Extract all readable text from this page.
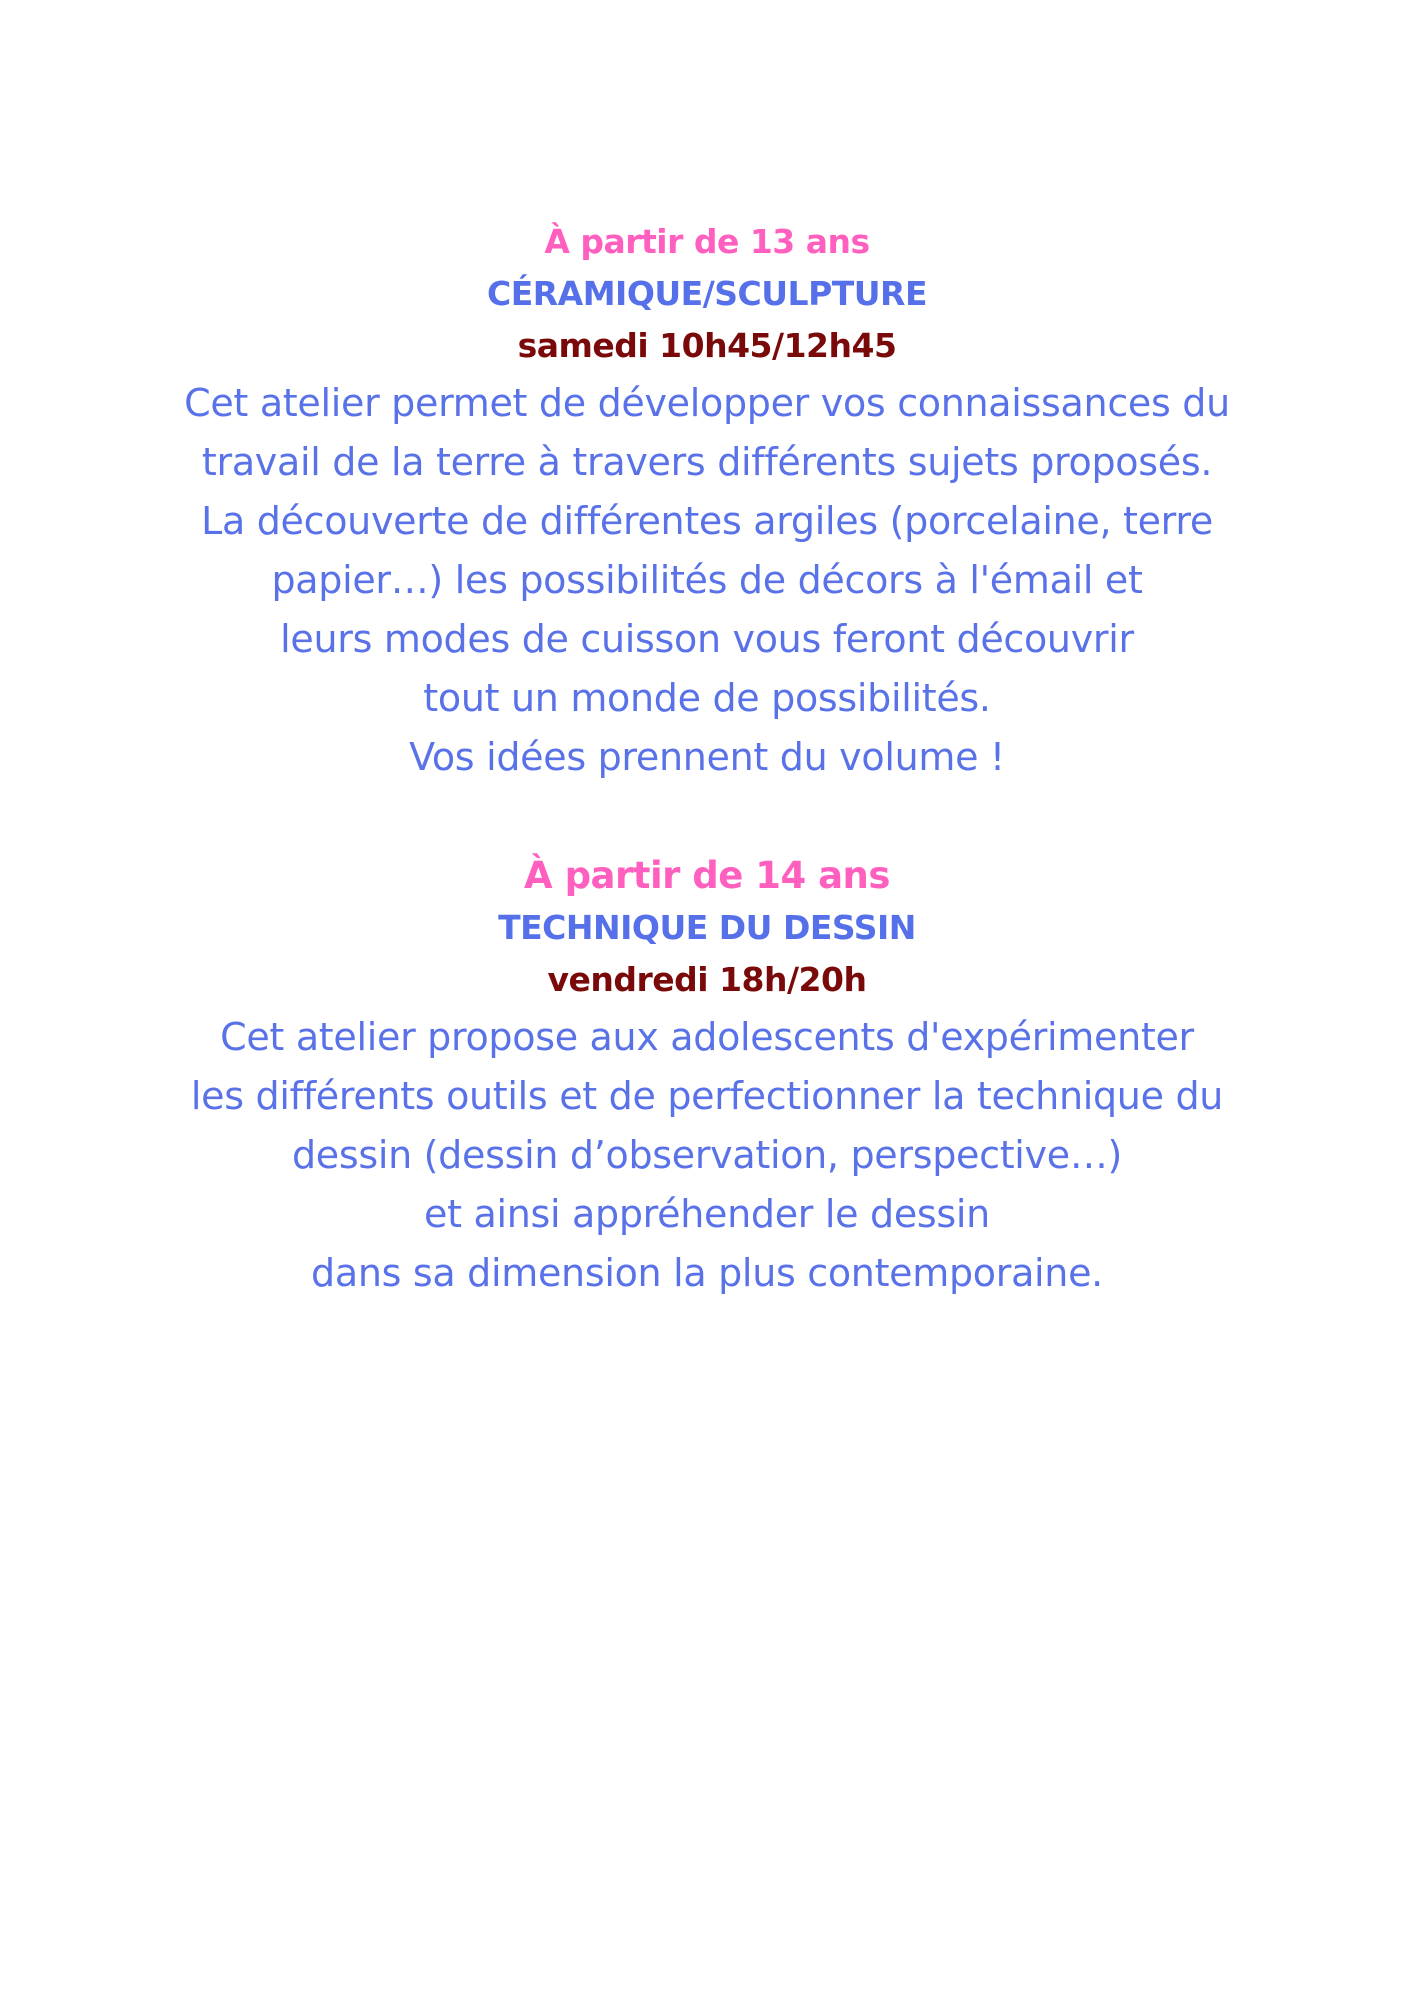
À partir de 13 ans
CÉRAMIQUE/SCULPTURE
samedi 10h45/12h45
Cet atelier permet de développer vos connaissances du
travail de la terre à travers différents sujets proposés.
La découverte de différentes argiles (porcelaine, terre
papier…) les possibilités de décors à l'émail et
leurs modes de cuisson vous feront découvrir
tout un monde de possibilités.
Vos idées prennent du volume !
À partir de 14 ans
TECHNIQUE DU DESSIN
vendredi 18h/20h
Cet atelier propose aux adolescents d'expérimenter
les différents outils et de perfectionner la technique du
dessin (dessin d’observation, perspective…)
et ainsi appréhender le dessin
dans sa dimension la plus contemporaine.
